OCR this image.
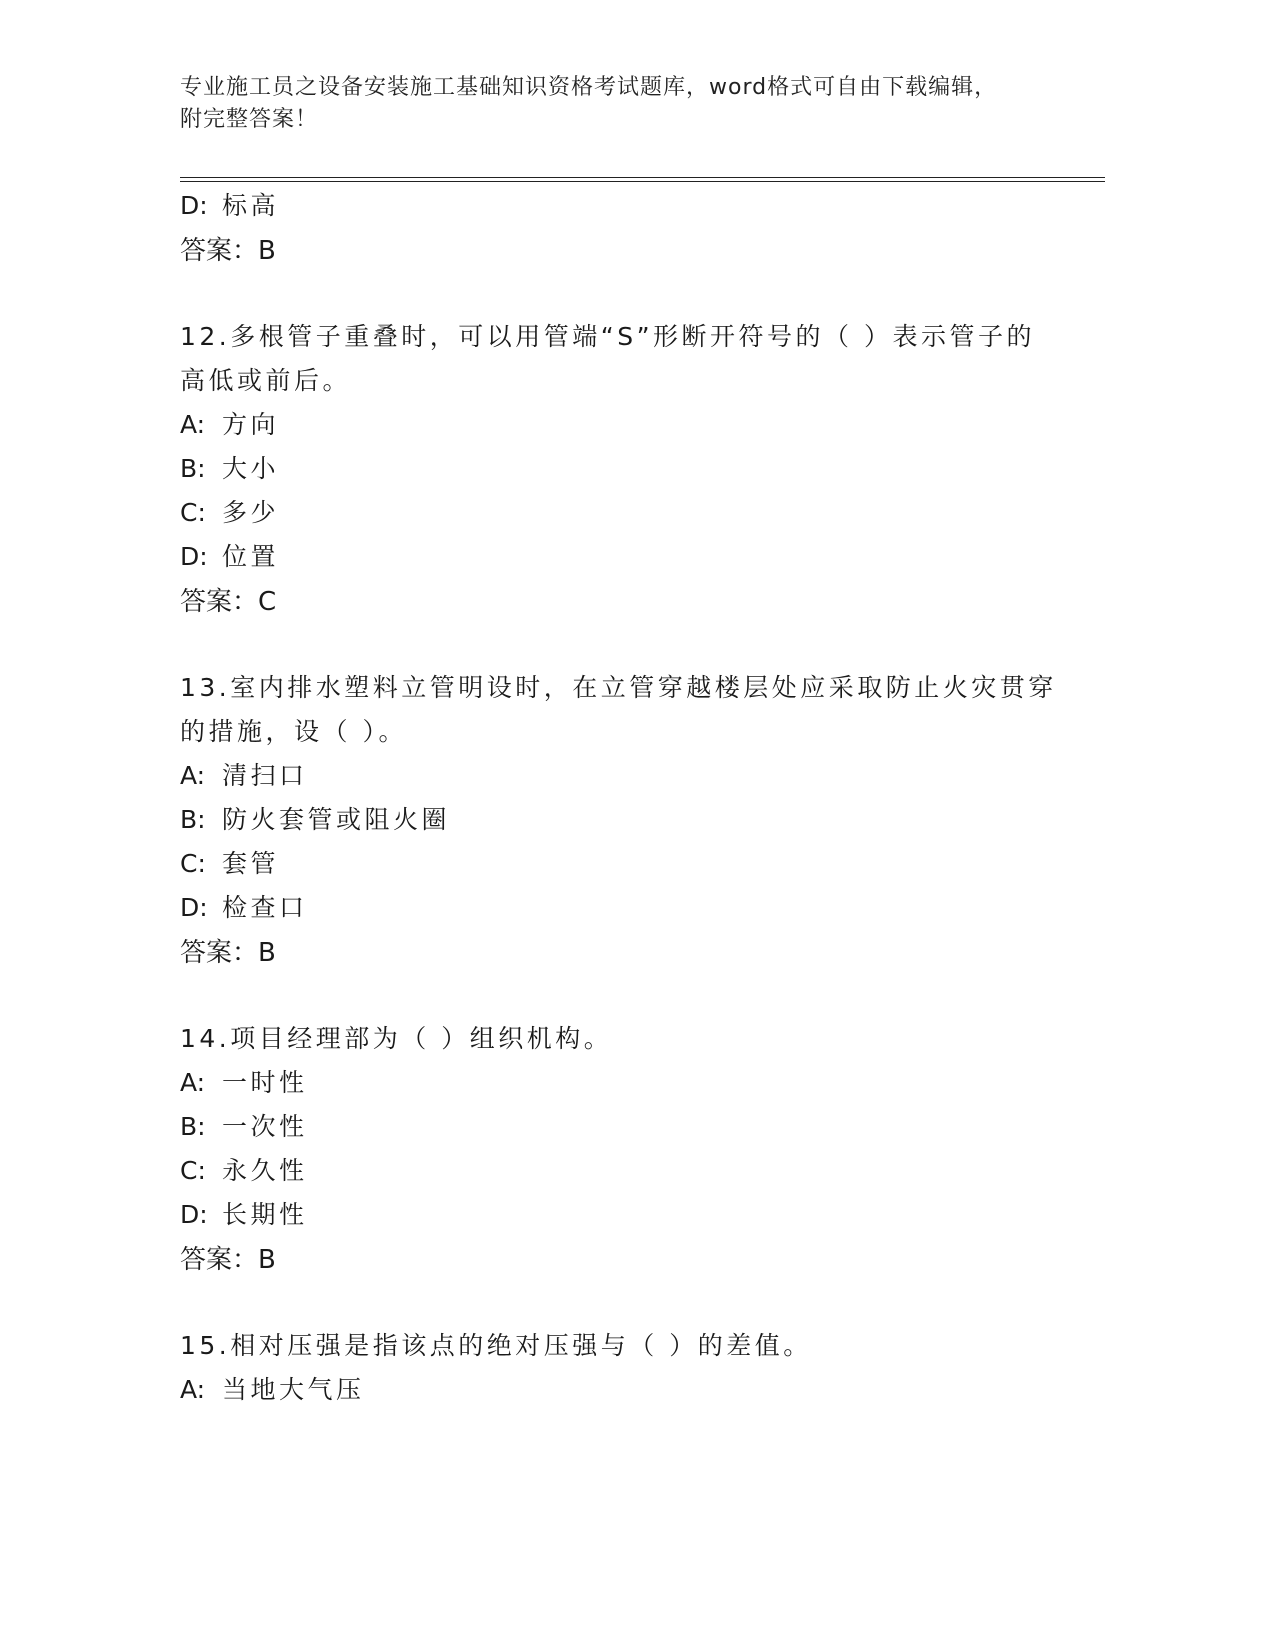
专业施工员之设备安装施工基础知识资格考试题库，word格式可自由下载编辑，
附完整答案！
D: 标高
答案：B
12.多根管子重叠时，可以用管端“S”形断开符号的（ ）表示管子的
高低或前后。
A: 方向
B: 大小
C: 多少
D: 位置
答案：C
13.室内排水塑料立管明设时，在立管穿越楼层处应采取防止火灾贯穿
的措施，设（ ）。
A: 清扫口
B: 防火套管或阻火圈
C: 套管
D: 检查口
答案：B
14.项目经理部为（ ）组织机构。
A: 一时性
B: 一次性
C: 永久性
D: 长期性
答案：B
15.相对压强是指该点的绝对压强与（ ）的差值。
A: 当地大气压
